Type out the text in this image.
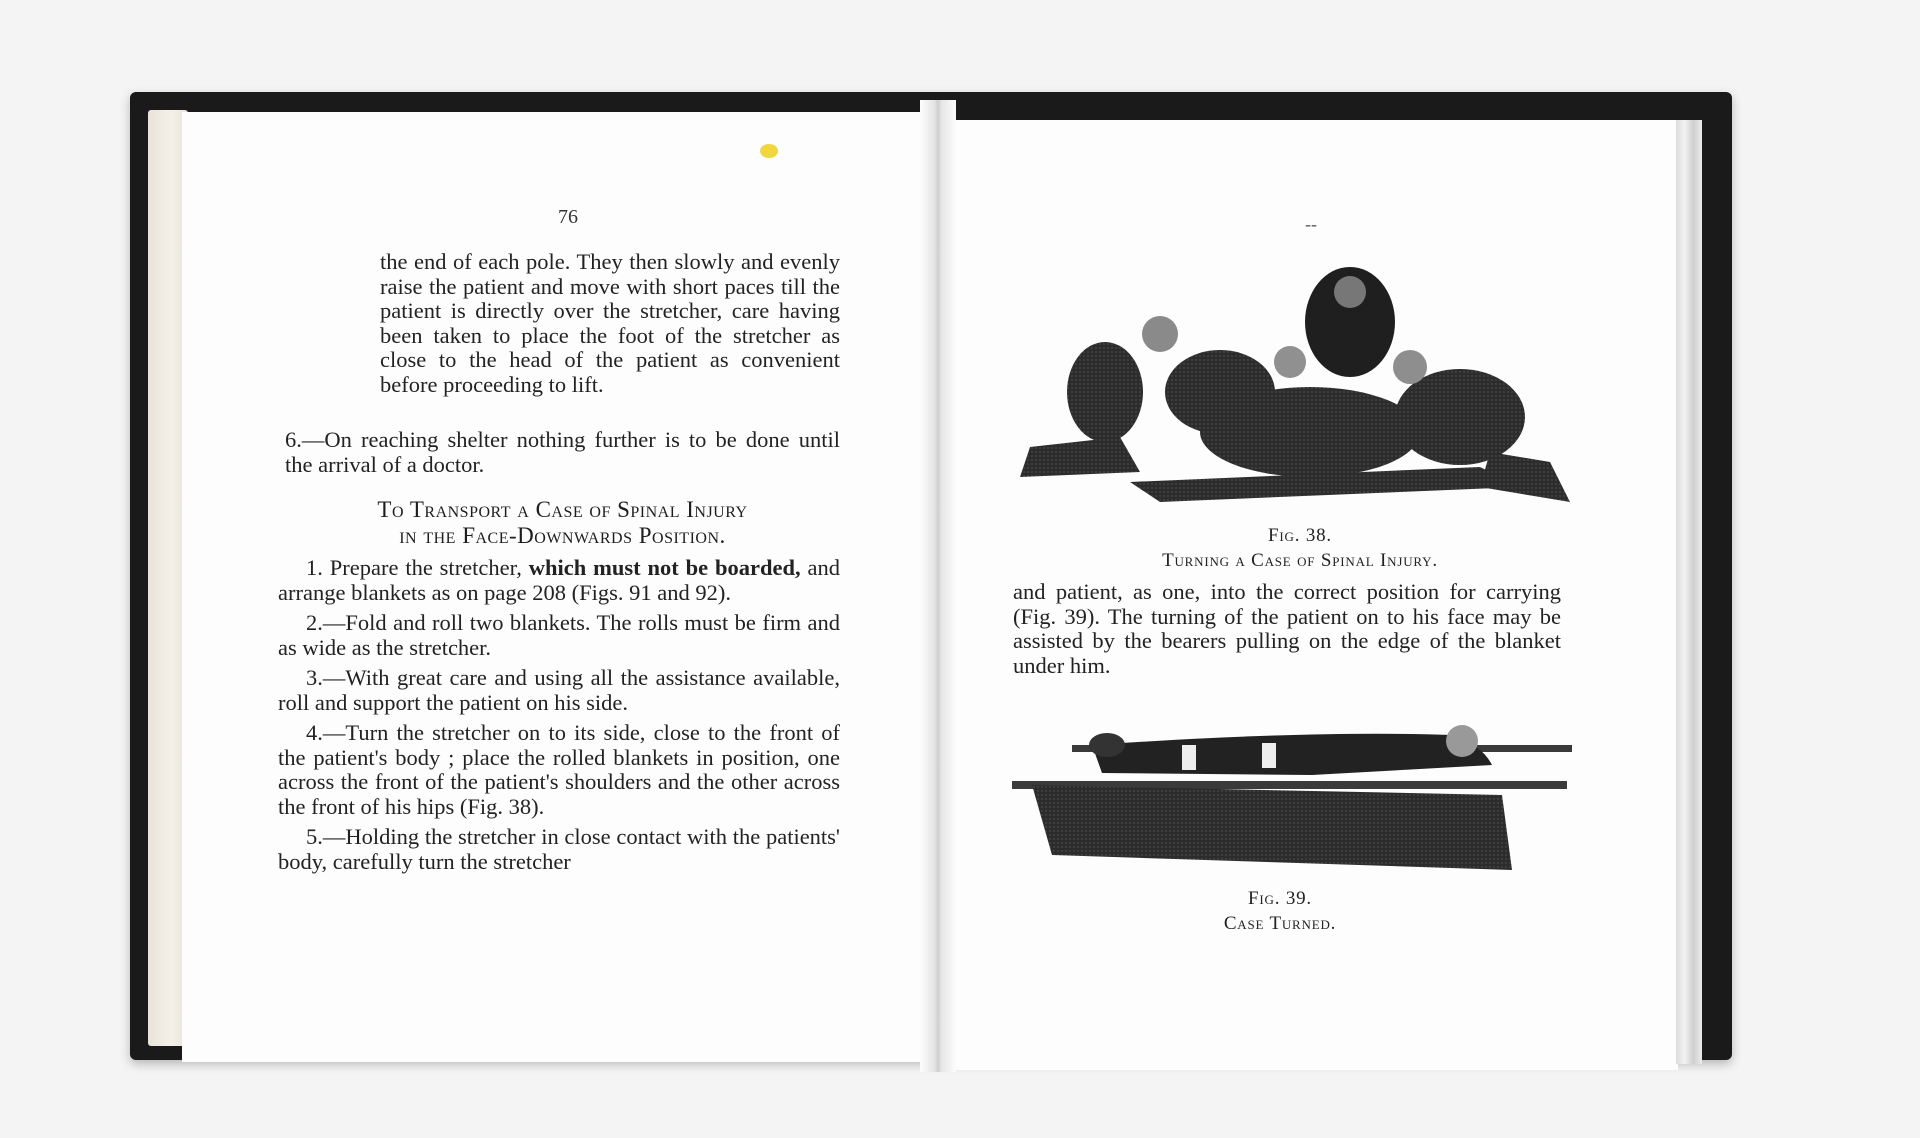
76

the end of each pole. They then slowly and evenly raise the patient and move with short paces till the patient is directly over the stretcher, care having been taken to place the foot of the stretcher as close to the head of the patient as convenient before proceeding to lift.

6.—On reaching shelter nothing further is to be done until the arrival of a doctor.

To Transport a Case of Spinal Injury
in the Face-Downwards Position.

1. Prepare the stretcher, which must not be boarded, and arrange blankets as on page 208 (Figs. 91 and 92).

2.—Fold and roll two blankets. The rolls must be firm and as wide as the stretcher.

3.—With great care and using all the assistance available, roll and support the patient on his side.

4.—Turn the stretcher on to its side, close to the front of the patient's body ; place the rolled blankets in position, one across the front of the patient's shoulders and the other across the front of his hips (Fig. 38).

5.—Holding the stretcher in close contact with the patients' body, carefully turn the stretcher

--
Fig. 38.
Turning a Case of Spinal Injury.

and patient, as one, into the correct position for carrying (Fig. 39). The turning of the patient on to his face may be assisted by the bearers pulling on the edge of the blanket under him.

Fig. 39.
Case Turned.
